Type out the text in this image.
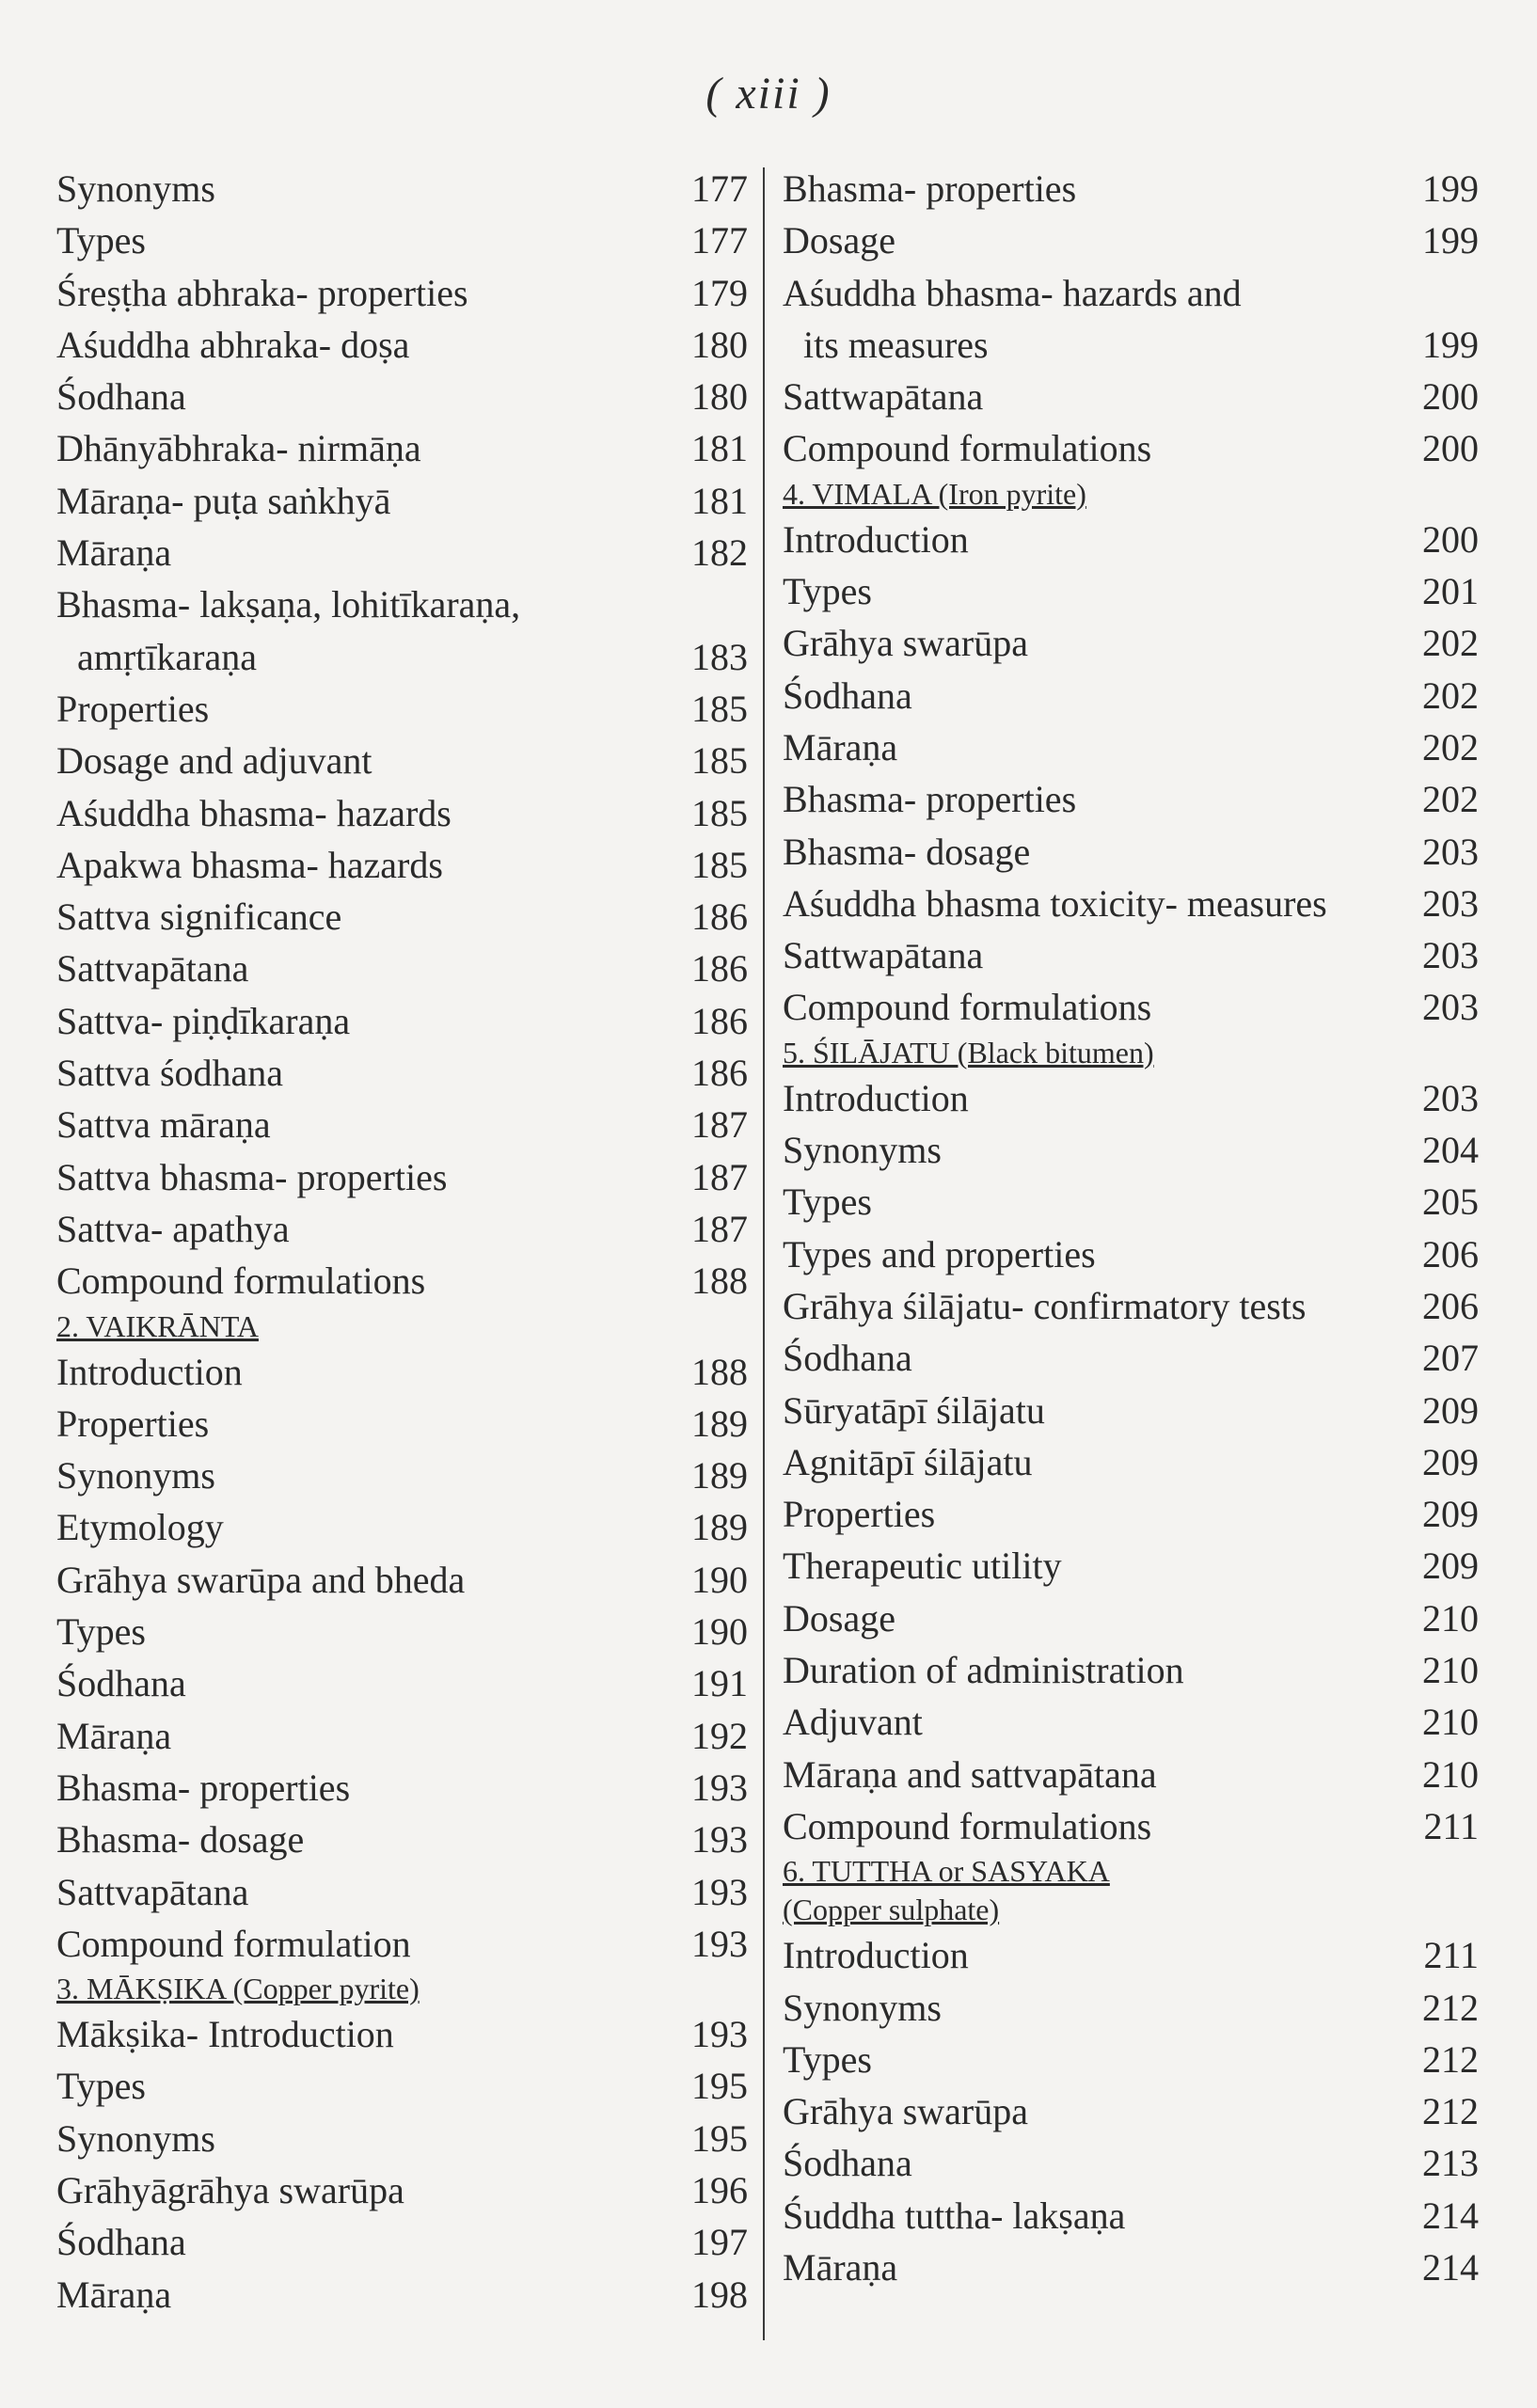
( xiii )
Synonyms	177
Types	177
Śreṣṭha abhraka- properties	179
Aśuddha abhraka- doṣa	180
Śodhana	180
Dhānyābhraka- nirmāṇa	181
Māraṇa- puṭa saṅkhyā	181
Māraṇa	182
Bhasma- lakṣaṇa, lohitīkaraṇa,
amṛtīkaraṇa	183
Properties	185
Dosage and adjuvant	185
Aśuddha bhasma- hazards	185
Apakwa bhasma- hazards	185
Sattva significance	186
Sattvapātana	186
Sattva- piṇḍīkaraṇa	186
Sattva śodhana	186
Sattva māraṇa	187
Sattva bhasma- properties	187
Sattva- apathya	187
Compound formulations	188
2. VAIKRĀNTA
Introduction	188
Properties	189
Synonyms	189
Etymology	189
Grāhya swarūpa and bheda	190
Types	190
Śodhana	191
Māraṇa	192
Bhasma- properties	193
Bhasma- dosage	193
Sattvapātana	193
Compound formulation	193
3. MĀKṢIKA (Copper pyrite)
Mākṣika- Introduction	193
Types	195
Synonyms	195
Grāhyāgrāhya swarūpa	196
Śodhana	197
Māraṇa	198
Bhasma- properties	199
Dosage	199
Aśuddha bhasma- hazards and
its measures	199
Sattwapātana	200
Compound formulations	200
4. VIMALA (Iron pyrite)
Introduction	200
Types	201
Grāhya swarūpa	202
Śodhana	202
Māraṇa	202
Bhasma- properties	202
Bhasma- dosage	203
Aśuddha bhasma toxicity- measures	203
Sattwapātana	203
Compound formulations	203
5. ŚILĀJATU (Black bitumen)
Introduction	203
Synonyms	204
Types	205
Types and properties	206
Grāhya śilājatu- confirmatory tests	206
Śodhana	207
Sūryatāpī śilājatu	209
Agnitāpī śilājatu	209
Properties	209
Therapeutic utility	209
Dosage	210
Duration of administration	210
Adjuvant	210
Māraṇa and sattvapātana	210
Compound formulations	211
6. TUTTHA or SASYAKA
(Copper sulphate)
Introduction	211
Synonyms	212
Types	212
Grāhya swarūpa	212
Śodhana	213
Śuddha tuttha- lakṣaṇa	214
Māraṇa	214
